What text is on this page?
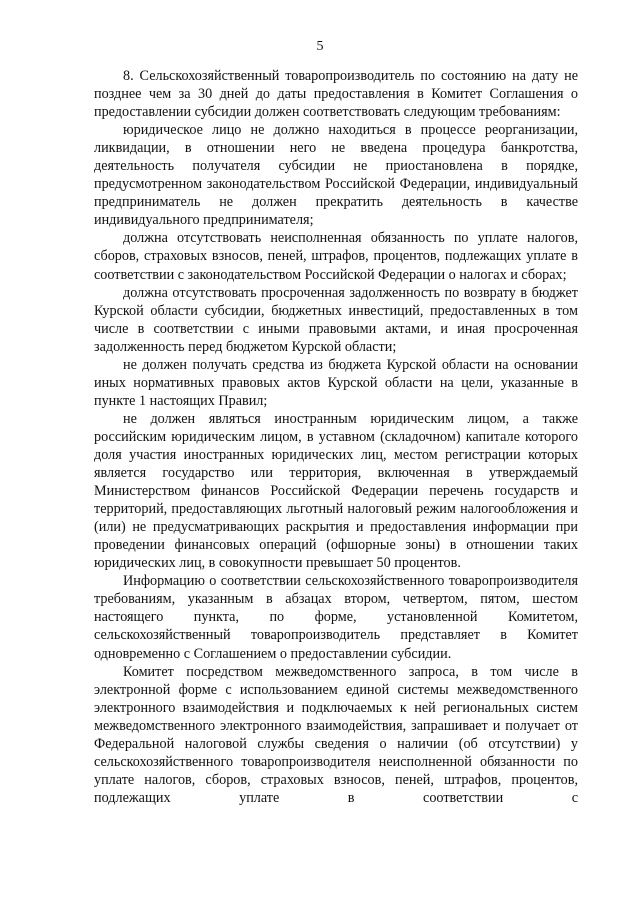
5

8. Сельскохозяйственный товаропроизводитель по состоянию на дату не позднее чем за 30 дней до даты предоставления в Комитет Соглашения о предоставлении субсидии должен соответствовать следующим требованиям:

юридическое лицо не должно находиться в процессе реорганизации, ликвидации, в отношении него не введена процедура банкротства, деятельность получателя субсидии не приостановлена в порядке, предусмотренном законодательством Российской Федерации, индивидуальный предприниматель не должен прекратить деятельность в качестве индивидуального предпринимателя;

должна отсутствовать неисполненная обязанность по уплате налогов, сборов, страховых взносов, пеней, штрафов, процентов, подлежащих уплате в соответствии с законодательством Российской Федерации о налогах и сборах;

должна отсутствовать просроченная задолженность по возврату в бюджет Курской области субсидии, бюджетных инвестиций, предоставленных в том числе в соответствии с иными правовыми актами, и иная просроченная задолженность перед бюджетом Курской области;

не должен получать средства из бюджета Курской области на основании иных нормативных правовых актов Курской области на цели, указанные в пункте 1 настоящих Правил;

не должен являться иностранным юридическим лицом, а также российским юридическим лицом, в уставном (складочном) капитале которого доля участия иностранных юридических лиц, местом регистрации которых является государство или территория, включенная в утверждаемый Министерством финансов Российской Федерации перечень государств и территорий, предоставляющих льготный налоговый режим налогообложения и (или) не предусматривающих раскрытия и предоставления информации при проведении финансовых операций (офшорные зоны) в отношении таких юридических лиц, в совокупности превышает 50 процентов.

Информацию о соответствии сельскохозяйственного товаропроизводителя требованиям, указанным в абзацах втором, четвертом, пятом, шестом настоящего пункта, по форме, установленной Комитетом, сельскохозяйственный товаропроизводитель представляет в Комитет одновременно с Соглашением о предоставлении субсидии.

Комитет посредством межведомственного запроса, в том числе в электронной форме с использованием единой системы межведомственного электронного взаимодействия и подключаемых к ней региональных систем межведомственного электронного взаимодействия, запрашивает и получает от Федеральной налоговой службы сведения о наличии (об отсутствии) у сельскохозяйственного товаропроизводителя неисполненной обязанности по уплате налогов, сборов, страховых взносов, пеней, штрафов, процентов, подлежащих уплате в соответствии с
